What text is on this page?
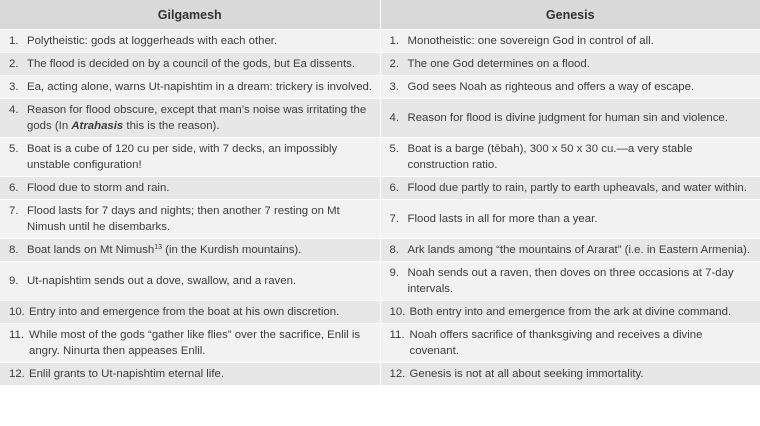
Gilgamesh	Genesis

1. Polytheistic: gods at loggerheads with each other.	1. Monotheistic: one sovereign God in control of all.

2. The flood is decided on by a council of the gods, but Ea dissents.	2. The one God determines on a flood.

3. Ea, acting alone, warns Ut-napishtim in a dream: trickery is involved.	3. God sees Noah as righteous and offers a way of escape.

4. Reason for flood obscure, except that man’s noise was irritating the gods (In Atrahasis this is the reason).	4. Reason for flood is divine judgment for human sin and violence.

5. Boat is a cube of 120 cu per side, with 7 decks, an impossibly unstable configuration!	5. Boat is a barge (tēbah), 300 x 50 x 30 cu.—a very stable construction ratio.

6. Flood due to storm and rain.	6. Flood due partly to rain, partly to earth upheavals, and water within.

7. Flood lasts for 7 days and nights; then another 7 resting on Mt Nimush until he disembarks.	7. Flood lasts in all for more than a year.

8. Boat lands on Mt Nimush$^{13}$ (in the Kurdish mountains).	8. Ark lands among “the mountains of Ararat” (i.e. in Eastern Armenia).

9. Ut-napishtim sends out a dove, swallow, and a raven.	9. Noah sends out a raven, then doves on three occasions at 7-day intervals.

10. Entry into and emergence from the boat at his own discretion.	10. Both entry into and emergence from the ark at divine command.

11. While most of the gods “gather like flies” over the sacrifice, Enlil is angry. Ninurta then appeases Enlil.	11. Noah offers sacrifice of thanksgiving and receives a divine covenant.

12. Enlil grants to Ut-napishtim eternal life.	12. Genesis is not at all about seeking immortality.
